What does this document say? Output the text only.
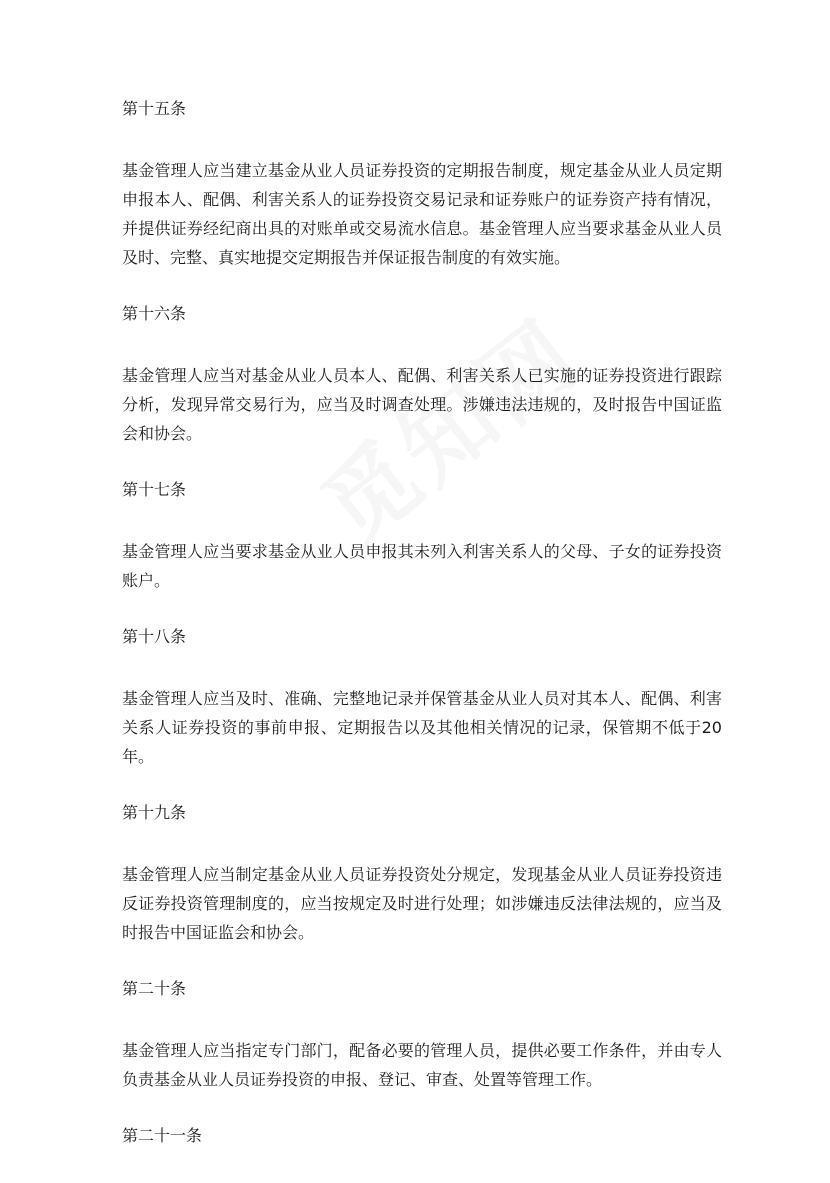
第十五条

基金管理人应当建立基金从业人员证券投资的定期报告制度，规定基金从业人员定期申报本人、配偶、利害关系人的证券投资交易记录和证券账户的证券资产持有情况，并提供证券经纪商出具的对账单或交易流水信息。基金管理人应当要求基金从业人员及时、完整、真实地提交定期报告并保证报告制度的有效实施。

第十六条

基金管理人应当对基金从业人员本人、配偶、利害关系人已实施的证券投资进行跟踪分析，发现异常交易行为，应当及时调查处理。涉嫌违法违规的，及时报告中国证监会和协会。

第十七条

基金管理人应当要求基金从业人员申报其未列入利害关系人的父母、子女的证券投资账户。

第十八条

基金管理人应当及时、准确、完整地记录并保管基金从业人员对其本人、配偶、利害关系人证券投资的事前申报、定期报告以及其他相关情况的记录，保管期不低于20年。

第十九条

基金管理人应当制定基金从业人员证券投资处分规定，发现基金从业人员证券投资违反证券投资管理制度的，应当按规定及时进行处理；如涉嫌违反法律法规的，应当及时报告中国证监会和协会。

第二十条

基金管理人应当指定专门部门，配备必要的管理人员，提供必要工作条件，并由专人负责基金从业人员证券投资的申报、登记、审查、处置等管理工作。

第二十一条
